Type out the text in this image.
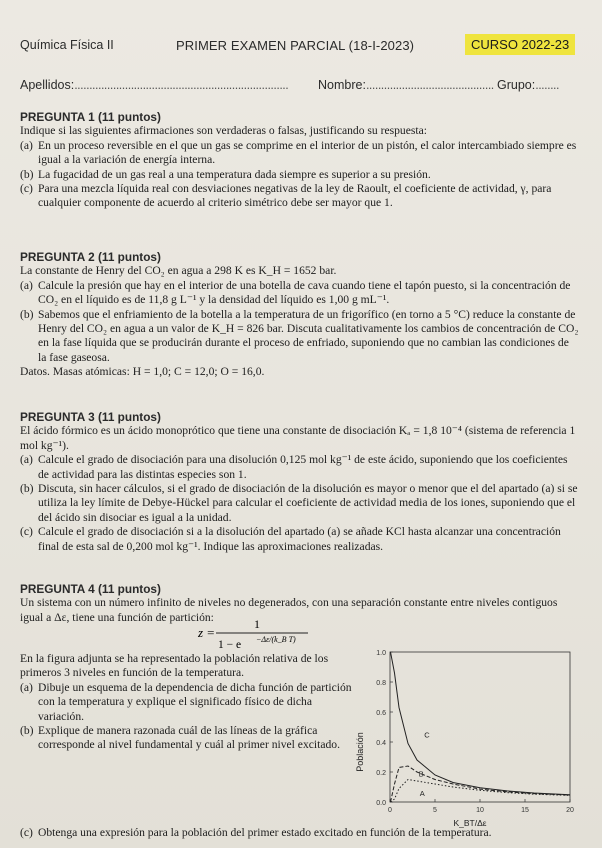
Química Física II	PRIMER EXAMEN PARCIAL (18-I-2023)	CURSO 2022-23
Apellidos:........................................................................ Nombre:........................................... Grupo:........

PREGUNTA 1 (11 puntos)

Indique si las siguientes afirmaciones son verdaderas o falsas, justificando su respuesta:

(a) En un proceso reversible en el que un gas se comprime en el interior de un pistón, el calor intercambiado siempre es igual a la variación de energía interna.
(b) La fugacidad de un gas real a una temperatura dada siempre es superior a su presión.
(c) Para una mezcla líquida real con desviaciones negativas de la ley de Raoult, el coeficiente de actividad, γ, para cualquier componente de acuerdo al criterio simétrico debe ser mayor que 1.

PREGUNTA 2 (11 puntos)

La constante de Henry del CO₂ en agua a 298 K es K_H = 1652 bar.

(a) Calcule la presión que hay en el interior de una botella de cava cuando tiene el tapón puesto, si la concentración de CO₂ en el líquido es de 11,8 g L⁻¹ y la densidad del líquido es 1,00 g mL⁻¹.
(b) Sabemos que el enfriamiento de la botella a la temperatura de un frigorífico (en torno a 5 °C) reduce la constante de Henry del CO₂ en agua a un valor de K_H = 826 bar. Discuta cualitativamente los cambios de concentración de CO₂ en la fase líquida que se producirán durante el proceso de enfriado, suponiendo que no cambian las condiciones de la fase gaseosa.

Datos. Masas atómicas: H = 1,0; C = 12,0; O = 16,0.

PREGUNTA 3 (11 puntos)

El ácido fórmico es un ácido monoprótico que tiene una constante de disociación Kₐ = 1,8 10⁻⁴ (sistema de referencia 1 mol kg⁻¹).

(a) Calcule el grado de disociación para una disolución 0,125 mol kg⁻¹ de este ácido, suponiendo que los coeficientes de actividad para las distintas especies son 1.
(b) Discuta, sin hacer cálculos, si el grado de disociación de la disolución es mayor o menor que el del apartado (a) si se utiliza la ley límite de Debye-Hückel para calcular el coeficiente de actividad media de los iones, suponiendo que el del ácido sin disociar es igual a la unidad.
(c) Calcule el grado de disociación si a la disolución del apartado (a) se añade KCl hasta alcanzar una concentración final de esta sal de 0,200 mol kg⁻¹. Indique las aproximaciones realizadas.

PREGUNTA 4 (11 puntos)

Un sistema con un número infinito de niveles no degenerados, con una separación constante entre niveles contiguos igual a Δε, tiene una función de partición:

z =
1
1 − e −Δε/(k_B T)

En la figura adjunta se ha representado la población relativa de los primeros 3 niveles en función de la temperatura.

(a) Dibuje un esquema de la dependencia de dicha función de partición con la temperatura y explique el significado físico de dicha variación.
(b) Explique de manera razonada cuál de las líneas de la gráfica corresponde al nivel fundamental y cuál al primer nivel excitado.
(c) Obtenga una expresión para la población del primer estado excitado en función de la temperatura.
0.0
0.2
0.4
0.6
0.8
1.0
0	5	10	15	20
A
B
C
Población
K_BT/Δε
